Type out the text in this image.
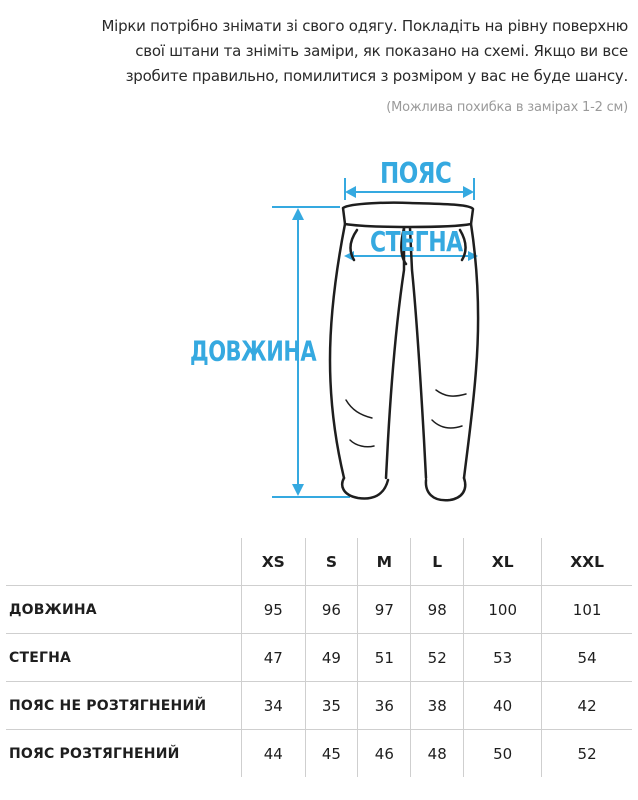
Мірки потрібно знімати зі свого одягу. Покладіть на рівну поверхню

свої штани та зніміть заміри, як показано на схемі. Якщо ви все

зробите правильно, помилитися з розміром у вас не буде шансу.

(Можлива похибка в замірах 1-2 см)
ПОЯС
СТЕГНА
ДОВЖИНА
	XS	S	M	L	XL	XXL
ДОВЖИНА	95	96	97	98	100	101
СТЕГНА	47	49	51	52	53	54
ПОЯС НЕ РОЗТЯГНЕНИЙ	34	35	36	38	40	42
ПОЯС РОЗТЯГНЕНИЙ	44	45	46	48	50	52
